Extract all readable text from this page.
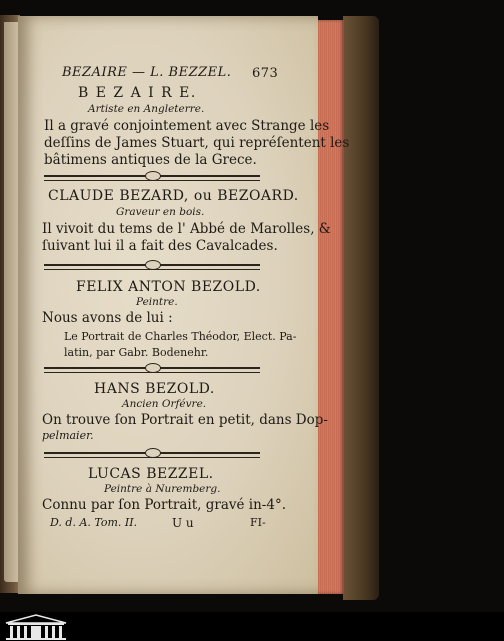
BEZAIRE — L. BEZZEL. 673
B E Z A I R E.
Artiste en Angleterre.
Il a gravé conjointement avec Strange les
deſſins de James Stuart, qui repréſentent les
bâtimens antiques de la Grece.
CLAUDE BEZARD, ou BEZOARD.
Graveur en bois.
Il vivoit du tems de l' Abbé de Marolles, &
ſuivant lui il a fait des Cavalcades.
FELIX ANTON BEZOLD.
Peintre.
Nous avons de lui :
Le Portrait de Charles Théodor, Elect. Pa-
latin, par Gabr. Bodenehr.
HANS BEZOLD.
Ancien Orfévre.
On trouve ſon Portrait en petit, dans Dop-
pelmaier.
LUCAS BEZZEL.
Peintre à Nuremberg.
Connu par ſon Portrait, gravé in-4°.
D. d. A. Tom. II.	U u	FI-
